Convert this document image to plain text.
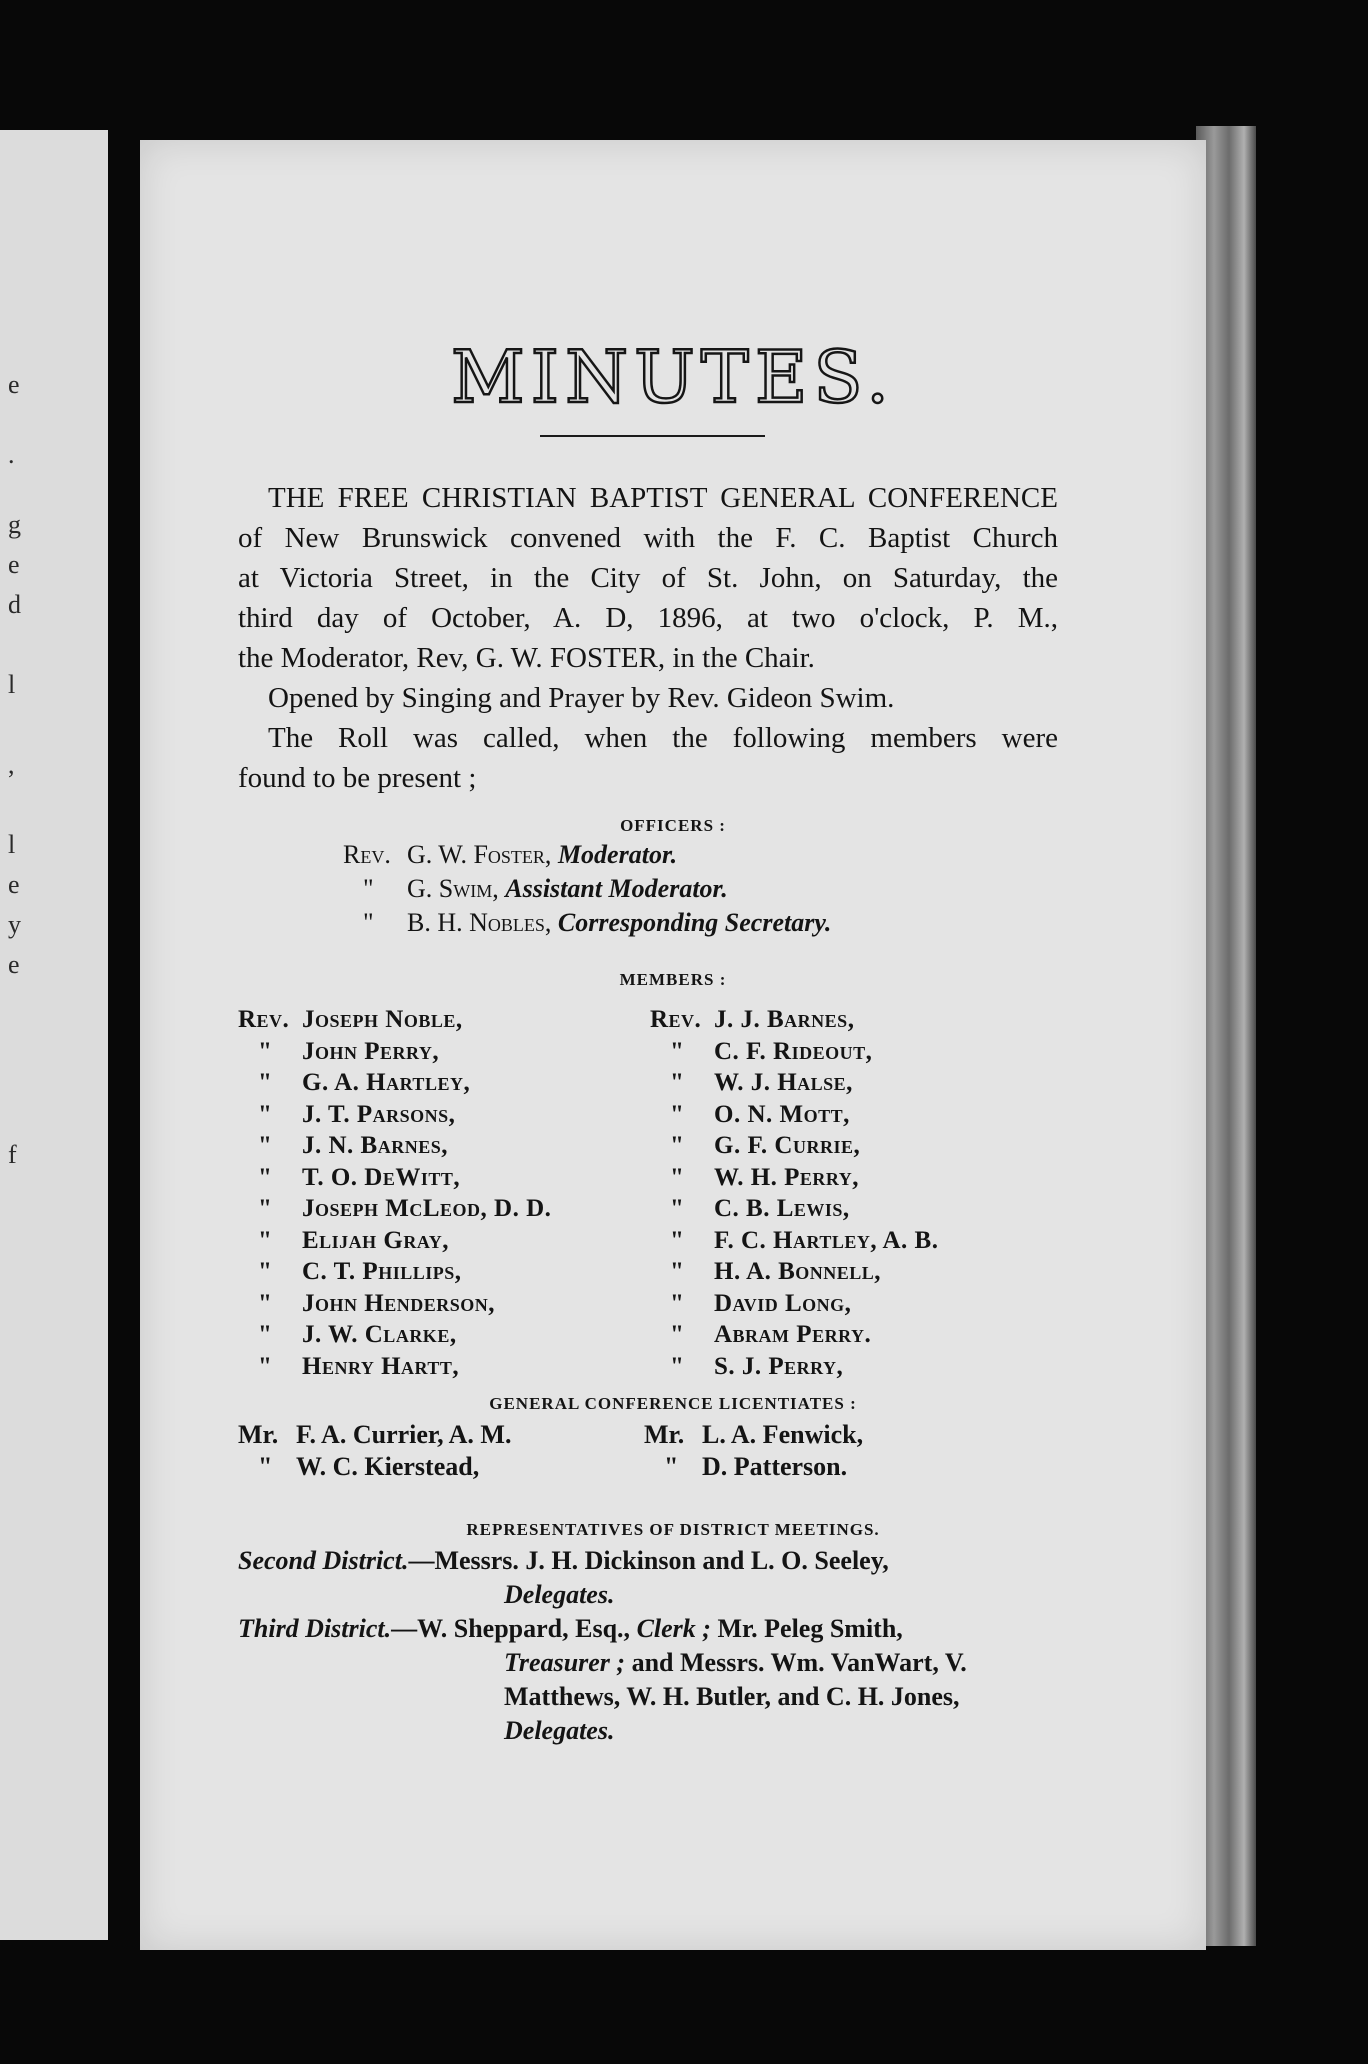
e
.
g
e
d
l
,
l
e
y
e
f
MINUTES.
THE FREE CHRISTIAN BAPTIST GENERAL CONFERENCE
of New Brunswick convened with the F. C. Baptist Church
at Victoria Street, in the City of St. John, on Saturday, the
third day of October, A. D, 1896, at two o'clock, P. M.,
the Moderator, Rev, G. W. FOSTER, in the Chair.
Opened by Singing and Prayer by Rev. Gideon Swim.
The Roll was called, when the following members were
found to be present ;
OFFICERS :
Rev. G. W. Foster, Moderator.
" G. Swim, Assistant Moderator.
" B. H. Nobles, Corresponding Secretary.
MEMBERS :
GENERAL CONFERENCE LICENTIATES :
Mr. F. A. Currier, A. M.
" W. C. Kierstead,
Mr. L. A. Fenwick,
" D. Patterson.
REPRESENTATIVES OF DISTRICT MEETINGS.
Second District.—Messrs. J. H. Dickinson and L. O. Seeley,
Delegates.
Third District.—W. Sheppard, Esq., Clerk ; Mr. Peleg Smith,
Treasurer ; and Messrs. Wm. VanWart, V.
Matthews, W. H. Butler, and C. H. Jones,
Delegates.
Rev. Joseph Noble,
" John Perry,
" G. A. Hartley,
" J. T. Parsons,
" J. N. Barnes,
" T. O. DeWitt,
" Joseph McLeod, D. D.
" Elijah Gray,
" C. T. Phillips,
" John Henderson,
" J. W. Clarke,
" Henry Hartt,
Rev. J. J. Barnes,
" C. F. Rideout,
" W. J. Halse,
" O. N. Mott,
" G. F. Currie,
" W. H. Perry,
" C. B. Lewis,
" F. C. Hartley, A. B.
" H. A. Bonnell,
" David Long,
" Abram Perry.
" S. J. Perry,
